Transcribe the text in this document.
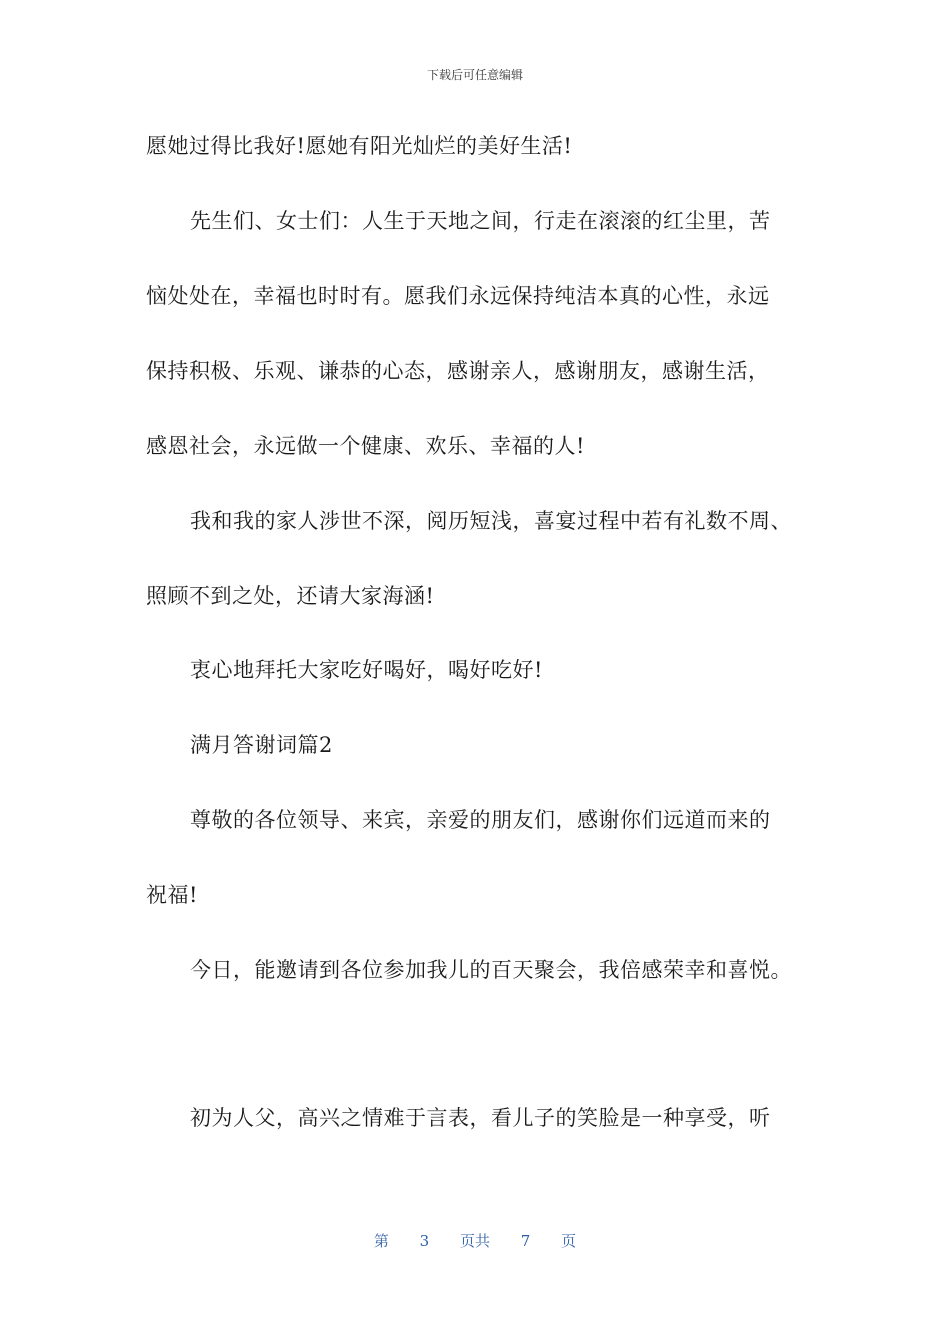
下载后可任意编辑
愿她过得比我好!愿她有阳光灿烂的美好生活!
先生们、女士们：人生于天地之间，行走在滚滚的红尘里，苦
恼处处在，幸福也时时有。愿我们永远保持纯洁本真的心性，永远
保持积极、乐观、谦恭的心态，感谢亲人，感谢朋友，感谢生活，
感恩社会，永远做一个健康、欢乐、幸福的人!
我和我的家人涉世不深，阅历短浅，喜宴过程中若有礼数不周、
照顾不到之处，还请大家海涵!
衷心地拜托大家吃好喝好，喝好吃好!
满月答谢词篇2
尊敬的各位领导、来宾，亲爱的朋友们，感谢你们远道而来的
祝福!
今日，能邀请到各位参加我儿的百天聚会，我倍感荣幸和喜悦。
初为人父，高兴之情难于言表，看儿子的笑脸是一种享受，听
第 3 页共 7 页
